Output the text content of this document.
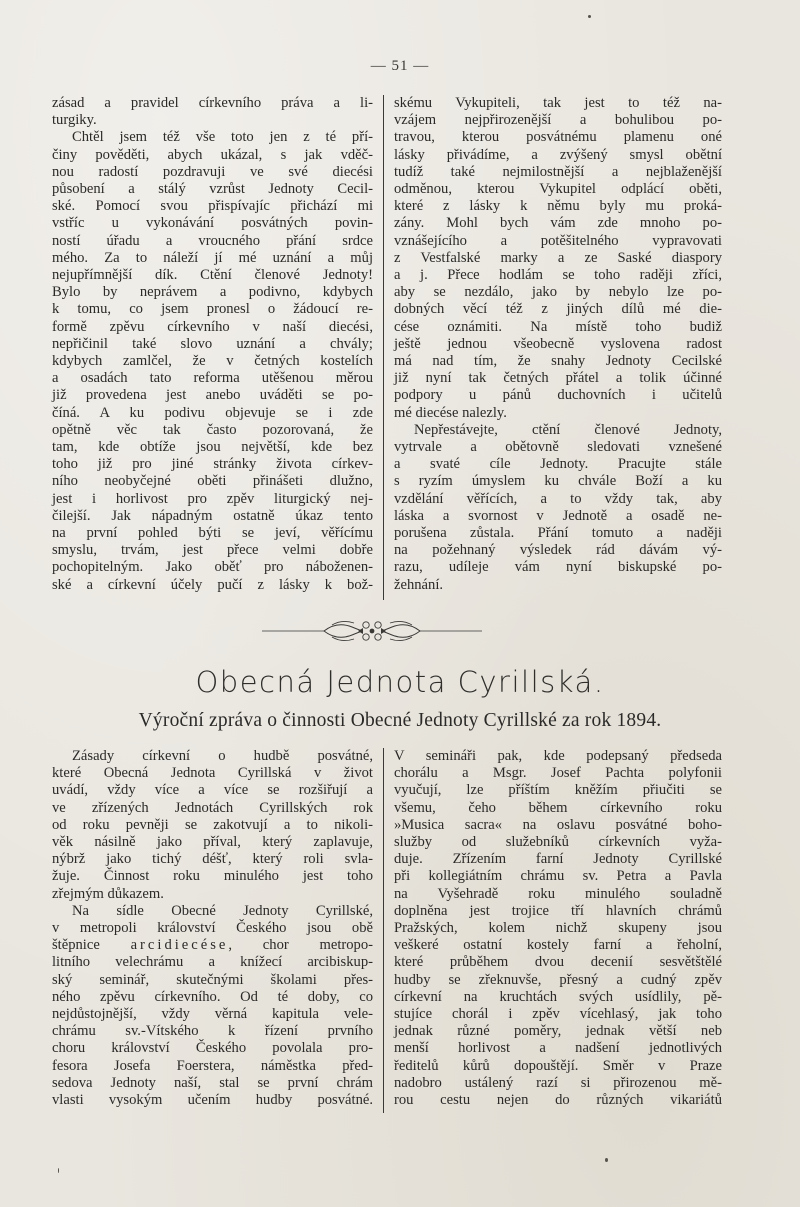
— 51 —
zásad a pravidel církevního práva a li-
turgiky.
Chtěl jsem též vše toto jen z té pří-
činy pověděti, abych ukázal, s jak vděč-
nou radostí pozdravuji ve své diecési
působení a stálý vzrůst Jednoty Cecil-
ské. Pomocí svou přispívajíc přichází mi
vstříc u vykonávání posvátných povin-
ností úřadu a vroucného přání srdce
mého. Za to náleží jí mé uznání a můj
nejupřímnější dík. Ctění členové Jednoty!
Bylo by neprávem a podivno, kdybych
k tomu, co jsem pronesl o žádoucí re-
formě zpěvu církevního v naší diecési,
nepřičinil také slovo uznání a chvály;
kdybych zamlčel, že v četných kostelích
a osadách tato reforma utěšenou měrou
již provedena jest anebo uváděti se po-
číná. A ku podivu objevuje se i zde
opětně věc tak často pozorovaná, že
tam, kde obtíže jsou největší, kde bez
toho již pro jiné stránky života církev-
ního neobyčejné oběti přinášeti dlužno,
jest i horlivost pro zpěv liturgický nej-
čilejší. Jak nápadným ostatně úkaz tento
na první pohled býti se jeví, věřícímu
smyslu, trvám, jest přece velmi dobře
pochopitelným. Jako oběť pro náboženen-
ské a církevní účely pučí z lásky k bož-
skému Vykupiteli, tak jest to též na-
vzájem nejpřirozenější a bohulibou po-
travou, kterou posvátnému plamenu oné
lásky přivádíme, a zvýšený smysl obětní
tudíž také nejmilostnější a nejblaženější
odměnou, kterou Vykupitel odplácí oběti,
které z lásky k němu byly mu proká-
zány. Mohl bych vám zde mnoho po-
vznášejícího a potěšitelného vypravovati
z Vestfalské marky a ze Saské diaspory
a j. Přece hodlám se toho raději zříci,
aby se nezdálo, jako by nebylo lze po-
dobných věcí též z jiných dílů mé die-
cése oznámiti. Na místě toho budiž
ještě jednou všeobecně vyslovena radost
má nad tím, že snahy Jednoty Cecilské
již nyní tak četných přátel a tolik účinné
podpory u pánů duchovních i učitelů
mé diecése nalezly.
Nepřestávejte, ctění členové Jednoty,
vytrvale a obětovně sledovati vznešené
a svaté cíle Jednoty. Pracujte stále
s ryzím úmyslem ku chvále Boží a ku
vzdělání věřících, a to vždy tak, aby
láska a svornost v Jednotě a osadě ne-
porušena zůstala. Přání tomuto a naději
na požehnaný výsledek rád dávám vý-
razu, udíleje vám nyní biskupské po-
žehnání.
Obecná Jednota Cyrillská.
Výroční zpráva o činnosti Obecné Jednoty Cyrillské za rok 1894.
Zásady církevní o hudbě posvátné,
které Obecná Jednota Cyrillská v život
uvádí, vždy více a více se rozšiřují a
ve zřízených Jednotách Cyrillských rok
od roku pevněji se zakotvují a to nikoli-
věk násilně jako příval, který zaplavuje,
nýbrž jako tichý déšť, který roli svla-
žuje. Činnost roku minulého jest toho
zřejmým důkazem.
Na sídle Obecné Jednoty Cyrillské,
v metropoli království Českého jsou obě
štěpnice arcidiecése, chor metropo-
litního velechrámu a knížecí arcibiskup-
ský seminář, skutečnými školami přes-
ného zpěvu církevního. Od té doby, co
nejdůstojnější, vždy věrná kapitula vele-
chrámu sv.-Vítského k řízení prvního
choru království Českého povolala pro-
fesora Josefa Foerstera, náměstka před-
sedova Jednoty naší, stal se první chrám
vlasti vysokým učením hudby posvátné.
V semináři pak, kde podepsaný předseda
chorálu a Msgr. Josef Pachta polyfonii
vyučují, lze příštím kněžím přiučiti se
všemu, čeho během církevního roku
»Musica sacra« na oslavu posvátné boho-
služby od služebníků církevních vyža-
duje. Zřízením farní Jednoty Cyrillské
při kollegiátním chrámu sv. Petra a Pavla
na Vyšehradě roku minulého souladně
doplněna jest trojice tří hlavních chrámů
Pražských, kolem nichž skupeny jsou
veškeré ostatní kostely farní a řeholní,
které průběhem dvou decenií sesvětštělé
hudby se zřeknuvše, přesný a cudný zpěv
církevní na kruchtách svých usídlily, pě-
stujíce chorál i zpěv vícehlasý, jak toho
jednak různé poměry, jednak větší neb
menší horlivost a nadšení jednotlivých
ředitelů kůrů dopouštějí. Směr v Praze
nadobro ustálený razí si přirozenou mě-
rou cestu nejen do různých vikariátů
